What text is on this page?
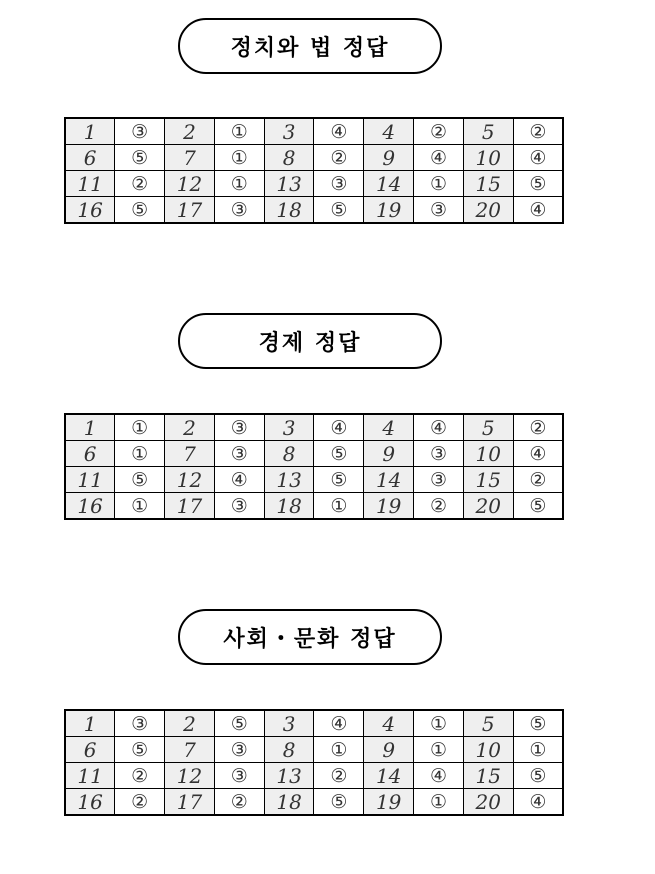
정치와 법 정답
1	③	2	①	3	④	4	②	5	②
6	⑤	7	①	8	②	9	④	10	④
11	②	12	①	13	③	14	①	15	⑤
16	⑤	17	③	18	⑤	19	③	20	④
경제 정답
1	①	2	③	3	④	4	④	5	②
6	①	7	③	8	⑤	9	③	10	④
11	⑤	12	④	13	⑤	14	③	15	②
16	①	17	③	18	①	19	②	20	⑤
사회・문화 정답
1	③	2	⑤	3	④	4	①	5	⑤
6	⑤	7	③	8	①	9	①	10	①
11	②	12	③	13	②	14	④	15	⑤
16	②	17	②	18	⑤	19	①	20	④
